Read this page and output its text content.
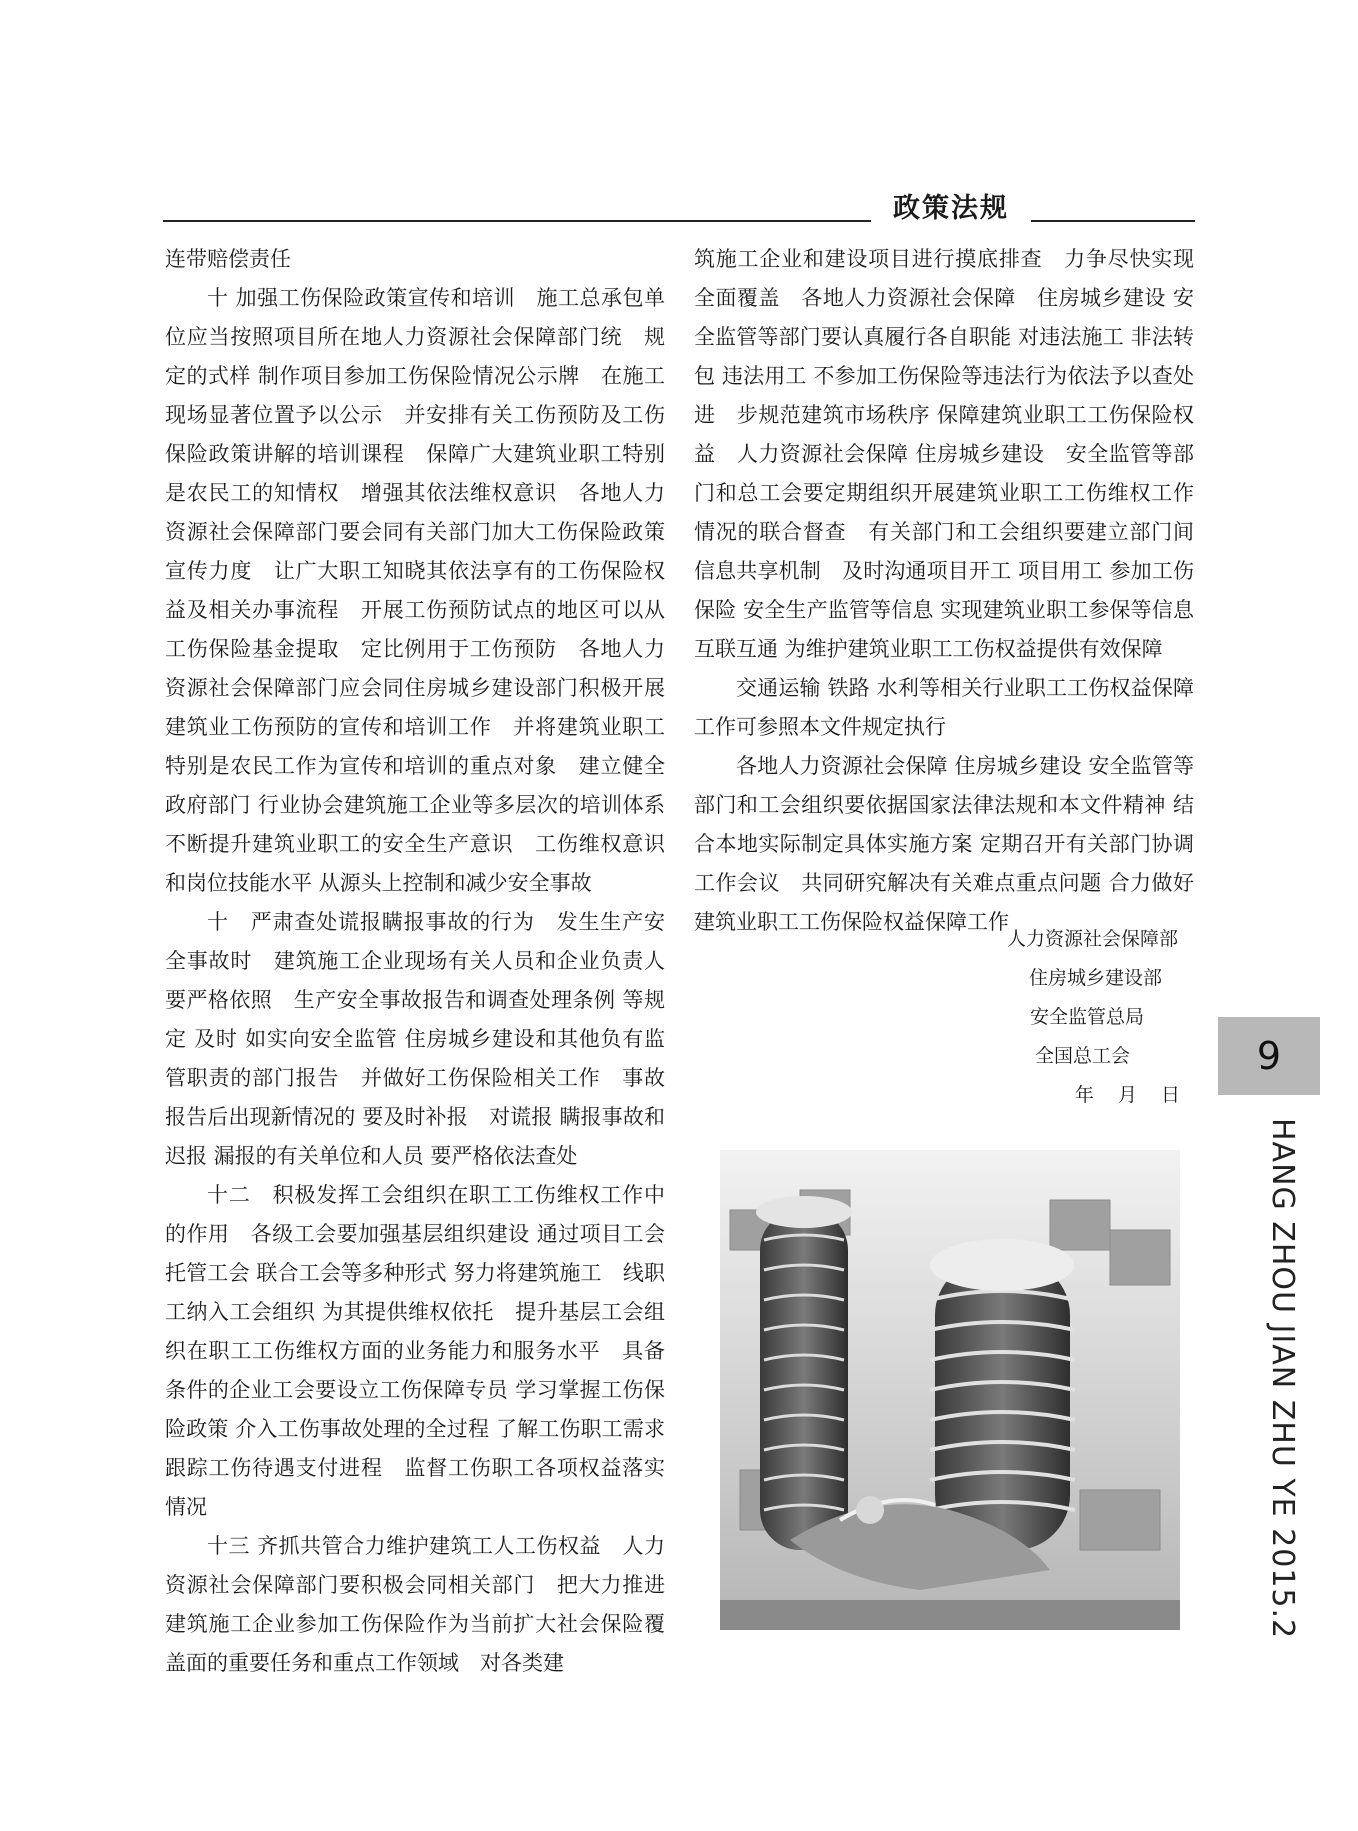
政策法规

连带赔偿责任

十 加强工伤保险政策宣传和培训　施工总承包单位应当按照项目所在地人力资源社会保障部门统　规定的式样 制作项目参加工伤保险情况公示牌　在施工现场显著位置予以公示　并安排有关工伤预防及工伤保险政策讲解的培训课程　保障广大建筑业职工特别是农民工的知情权　增强其依法维权意识　各地人力资源社会保障部门要会同有关部门加大工伤保险政策宣传力度　让广大职工知晓其依法享有的工伤保险权益及相关办事流程　开展工伤预防试点的地区可以从工伤保险基金提取　定比例用于工伤预防　各地人力资源社会保障部门应会同住房城乡建设部门积极开展建筑业工伤预防的宣传和培训工作　并将建筑业职工特别是农民工作为宣传和培训的重点对象　建立健全政府部门 行业协会建筑施工企业等多层次的培训体系　不断提升建筑业职工的安全生产意识　工伤维权意识和岗位技能水平 从源头上控制和减少安全事故

十　严肃查处谎报瞒报事故的行为　发生生产安全事故时　建筑施工企业现场有关人员和企业负责人要严格依照　生产安全事故报告和调查处理条例 等规定 及时 如实向安全监管 住房城乡建设和其他负有监管职责的部门报告　并做好工伤保险相关工作　事故报告后出现新情况的 要及时补报　对谎报 瞒报事故和迟报 漏报的有关单位和人员 要严格依法查处

十二　积极发挥工会组织在职工工伤维权工作中的作用　各级工会要加强基层组织建设 通过项目工会 托管工会 联合工会等多种形式 努力将建筑施工　线职工纳入工会组织 为其提供维权依托　提升基层工会组织在职工工伤维权方面的业务能力和服务水平　具备条件的企业工会要设立工伤保障专员 学习掌握工伤保险政策 介入工伤事故处理的全过程 了解工伤职工需求 跟踪工伤待遇支付进程　监督工伤职工各项权益落实情况

十三 齐抓共管合力维护建筑工人工伤权益　人力资源社会保障部门要积极会同相关部门　把大力推进建筑施工企业参加工伤保险作为当前扩大社会保险覆盖面的重要任务和重点工作领域　对各类建

筑施工企业和建设项目进行摸底排查　力争尽快实现全面覆盖　各地人力资源社会保障　住房城乡建设 安全监管等部门要认真履行各自职能 对违法施工 非法转包 违法用工 不参加工伤保险等违法行为依法予以查处 进　步规范建筑市场秩序 保障建筑业职工工伤保险权益　人力资源社会保障 住房城乡建设　安全监管等部门和总工会要定期组织开展建筑业职工工伤维权工作情况的联合督查　有关部门和工会组织要建立部门间信息共享机制　及时沟通项目开工 项目用工 参加工伤保险 安全生产监管等信息 实现建筑业职工参保等信息互联互通 为维护建筑业职工工伤权益提供有效保障

交通运输 铁路 水利等相关行业职工工伤权益保障工作可参照本文件规定执行

各地人力资源社会保障 住房城乡建设 安全监管等部门和工会组织要依据国家法律法规和本文件精神 结合本地实际制定具体实施方案 定期召开有关部门协调工作会议　共同研究解决有关难点重点问题 合力做好建筑业职工工伤保险权益保障工作

人力资源社会保障部
住房城乡建设部
安全监管总局
全国总工会
年 月 日
9
HANG ZHOU JIAN ZHU YE 2015.2
